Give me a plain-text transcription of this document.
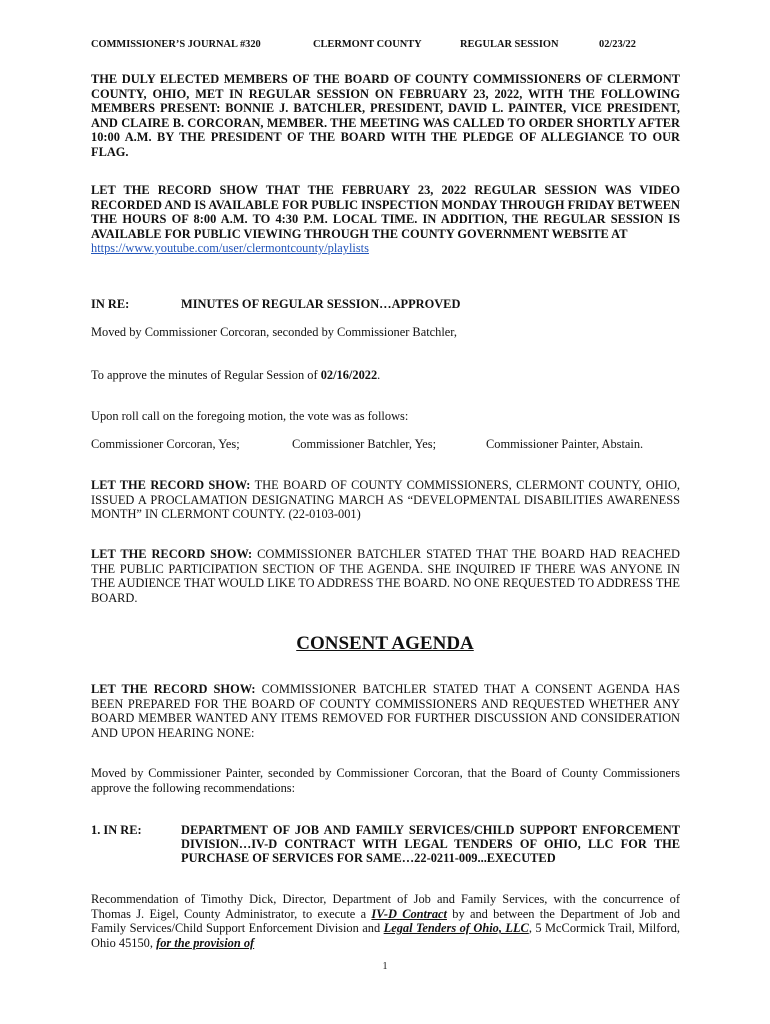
COMMISSIONER’S JOURNAL #320	CLERMONT COUNTY	REGULAR SESSION	02/23/22
THE DULY ELECTED MEMBERS OF THE BOARD OF COUNTY COMMISSIONERS OF CLERMONT COUNTY, OHIO, MET IN REGULAR SESSION ON FEBRUARY 23, 2022, WITH THE FOLLOWING MEMBERS PRESENT: BONNIE J. BATCHLER, PRESIDENT, DAVID L. PAINTER, VICE PRESIDENT, AND CLAIRE B. CORCORAN, MEMBER. THE MEETING WAS CALLED TO ORDER SHORTLY AFTER 10:00 A.M. BY THE PRESIDENT OF THE BOARD WITH THE PLEDGE OF ALLEGIANCE TO OUR FLAG.
LET THE RECORD SHOW THAT THE FEBRUARY 23, 2022 REGULAR SESSION WAS VIDEO RECORDED AND IS AVAILABLE FOR PUBLIC INSPECTION MONDAY THROUGH FRIDAY BETWEEN THE HOURS OF 8:00 A.M. TO 4:30 P.M. LOCAL TIME. IN ADDITION, THE REGULAR SESSION IS AVAILABLE FOR PUBLIC VIEWING THROUGH THE COUNTY GOVERNMENT WEBSITE AT
https://www.youtube.com/user/clermontcounty/playlists
IN RE:	MINUTES OF REGULAR SESSION…APPROVED
Moved by Commissioner Corcoran, seconded by Commissioner Batchler,
To approve the minutes of Regular Session of 02/16/2022.
Upon roll call on the foregoing motion, the vote was as follows:
Commissioner Corcoran, Yes;	Commissioner Batchler, Yes;	Commissioner Painter, Abstain.
LET THE RECORD SHOW: THE BOARD OF COUNTY COMMISSIONERS, CLERMONT COUNTY, OHIO, ISSUED A PROCLAMATION DESIGNATING MARCH AS “DEVELOPMENTAL DISABILITIES AWARENESS MONTH” IN CLERMONT COUNTY. (22-0103-001)
LET THE RECORD SHOW: COMMISSIONER BATCHLER STATED THAT THE BOARD HAD REACHED THE PUBLIC PARTICIPATION SECTION OF THE AGENDA. SHE INQUIRED IF THERE WAS ANYONE IN THE AUDIENCE THAT WOULD LIKE TO ADDRESS THE BOARD. NO ONE REQUESTED TO ADDRESS THE BOARD.
CONSENT AGENDA
LET THE RECORD SHOW: COMMISSIONER BATCHLER STATED THAT A CONSENT AGENDA HAS BEEN PREPARED FOR THE BOARD OF COUNTY COMMISSIONERS AND REQUESTED WHETHER ANY BOARD MEMBER WANTED ANY ITEMS REMOVED FOR FURTHER DISCUSSION AND CONSIDERATION AND UPON HEARING NONE:
Moved by Commissioner Painter, seconded by Commissioner Corcoran, that the Board of County Commissioners approve the following recommendations:
1. IN RE:	DEPARTMENT OF JOB AND FAMILY SERVICES/CHILD SUPPORT ENFORCEMENT DIVISION…IV-D CONTRACT WITH LEGAL TENDERS OF OHIO, LLC FOR THE PURCHASE OF SERVICES FOR SAME…22-0211-009...EXECUTED
Recommendation of Timothy Dick, Director, Department of Job and Family Services, with the concurrence of Thomas J. Eigel, County Administrator, to execute a IV-D Contract by and between the Department of Job and Family Services/Child Support Enforcement Division and Legal Tenders of Ohio, LLC, 5 McCormick Trail, Milford, Ohio 45150, for the provision of
1
